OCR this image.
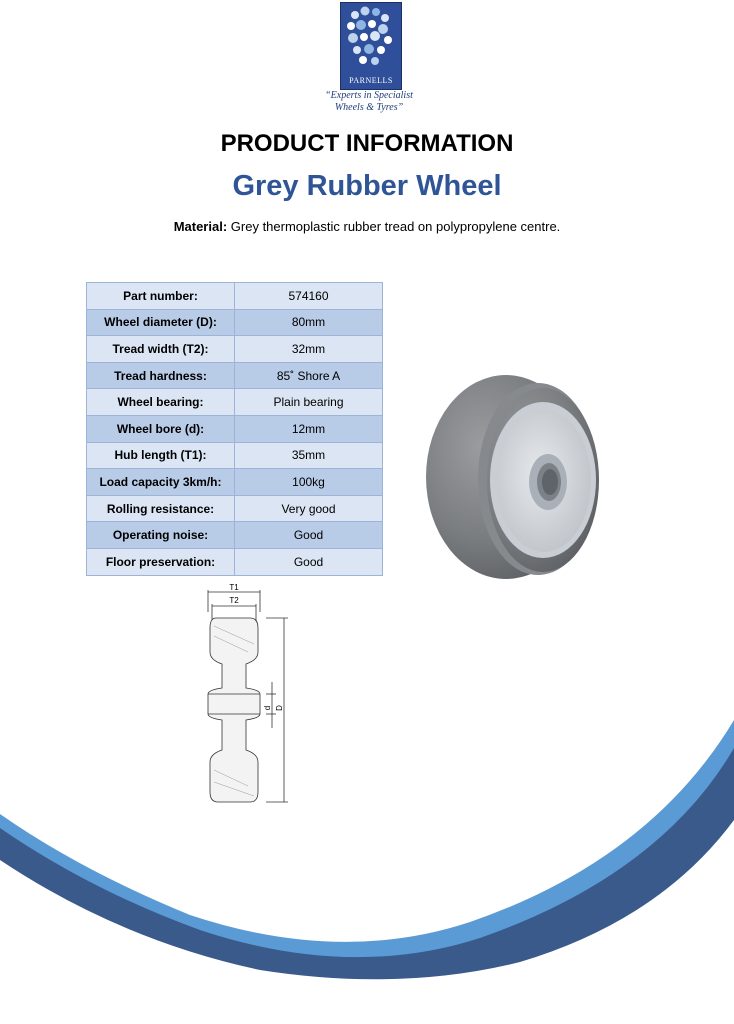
PARNELLS
“Experts in Specialist
Wheels & Tyres”
PRODUCT INFORMATION
Grey Rubber Wheel
Material: Grey thermoplastic rubber tread on polypropylene centre.
Part number:	574160
Wheel diameter (D):	80mm
Tread width (T2):	32mm
Tread hardness:	85˚ Shore A
Wheel bearing:	Plain bearing
Wheel bore (d):	12mm
Hub length (T1):	35mm
Load capacity 3km/h:	100kg
Rolling resistance:	Very good
Operating noise:	Good
Floor preservation:	Good
T1
T2
d D
